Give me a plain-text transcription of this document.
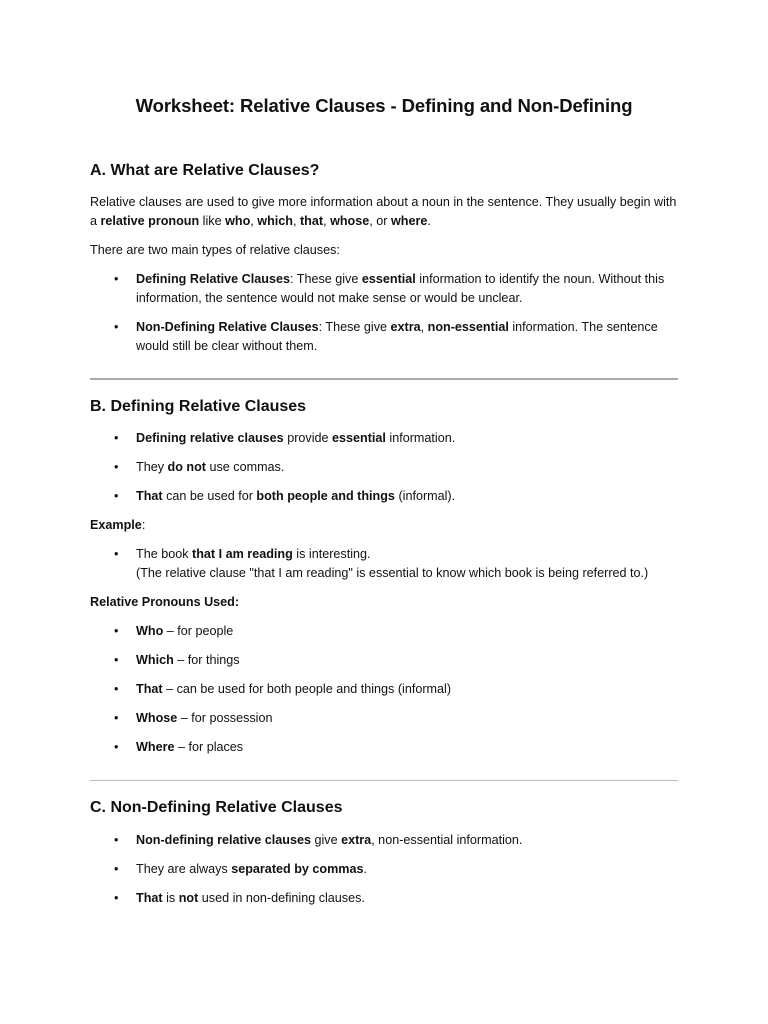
Worksheet: Relative Clauses - Defining and Non-Defining
A. What are Relative Clauses?

Relative clauses are used to give more information about a noun in the sentence. They usually begin with a relative pronoun like who, which, that, whose, or where.

There are two main types of relative clauses:

• Defining Relative Clauses: These give essential information to identify the noun. Without this information, the sentence would not make sense or would be unclear.

• Non-Defining Relative Clauses: These give extra, non-essential information. The sentence would still be clear without them.

B. Defining Relative Clauses
• Defining relative clauses provide essential information.

• They do not use commas.

• That can be used for both people and things (informal).

Example:

• The book that I am reading is interesting.
(The relative clause "that I am reading" is essential to know which book is being referred to.)

Relative Pronouns Used:

• Who – for people

• Which – for things

• That – can be used for both people and things (informal)

• Whose – for possession

• Where – for places

C. Non-Defining Relative Clauses
• Non-defining relative clauses give extra, non-essential information.

• They are always separated by commas.

• That is not used in non-defining clauses.
